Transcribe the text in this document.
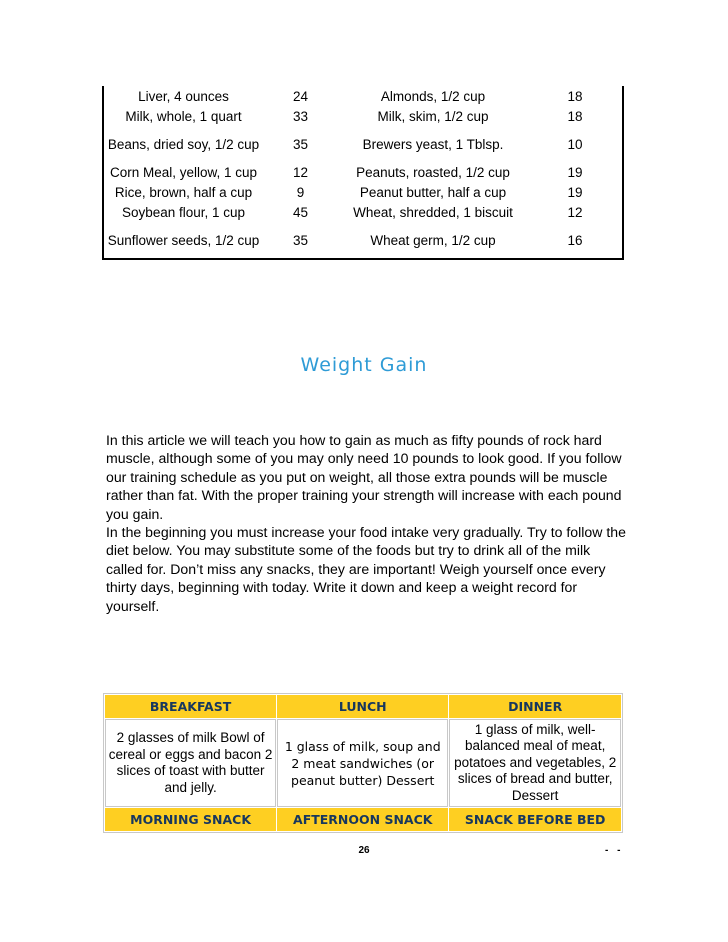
Liver, 4 ounces	24	Almonds, 1/2 cup	18
Milk, whole, 1 quart	33	Milk, skim, 1/2 cup	18
Beans, dried soy, 1/2 cup	35	Brewers yeast, 1 Tblsp.	10
Corn Meal, yellow, 1 cup	12	Peanuts, roasted, 1/2 cup	19
Rice, brown, half a cup	9	Peanut butter, half a cup	19
Soybean flour, 1 cup	45	Wheat, shredded, 1 biscuit	12
Sunflower seeds, 1/2 cup	35	Wheat germ, 1/2 cup	16
Weight Gain

In this article we will teach you how to gain as much as fifty pounds of rock hard muscle, although some of you may only need 10 pounds to look good. If you follow our training schedule as you put on weight, all those extra pounds will be muscle rather than fat. With the proper training your strength will increase with each pound you gain.

In the beginning you must increase your food intake very gradually. Try to follow the diet below. You may substitute some of the foods but try to drink all of the milk called for. Don’t miss any snacks, they are important! Weigh yourself once every thirty days, beginning with today. Write it down and keep a weight record for yourself.

BREAKFAST	LUNCH	DINNER
2 glasses of milk Bowl of cereal or eggs and bacon 2 slices of toast with butter and jelly.	1 glass of milk, soup and 2 meat sandwiches (or peanut butter) Dessert	1 glass of milk, well-balanced meal of meat, potatoes and vegetables, 2 slices of bread and butter, Dessert
MORNING SNACK	AFTERNOON SNACK	SNACK BEFORE BED
26	- -
